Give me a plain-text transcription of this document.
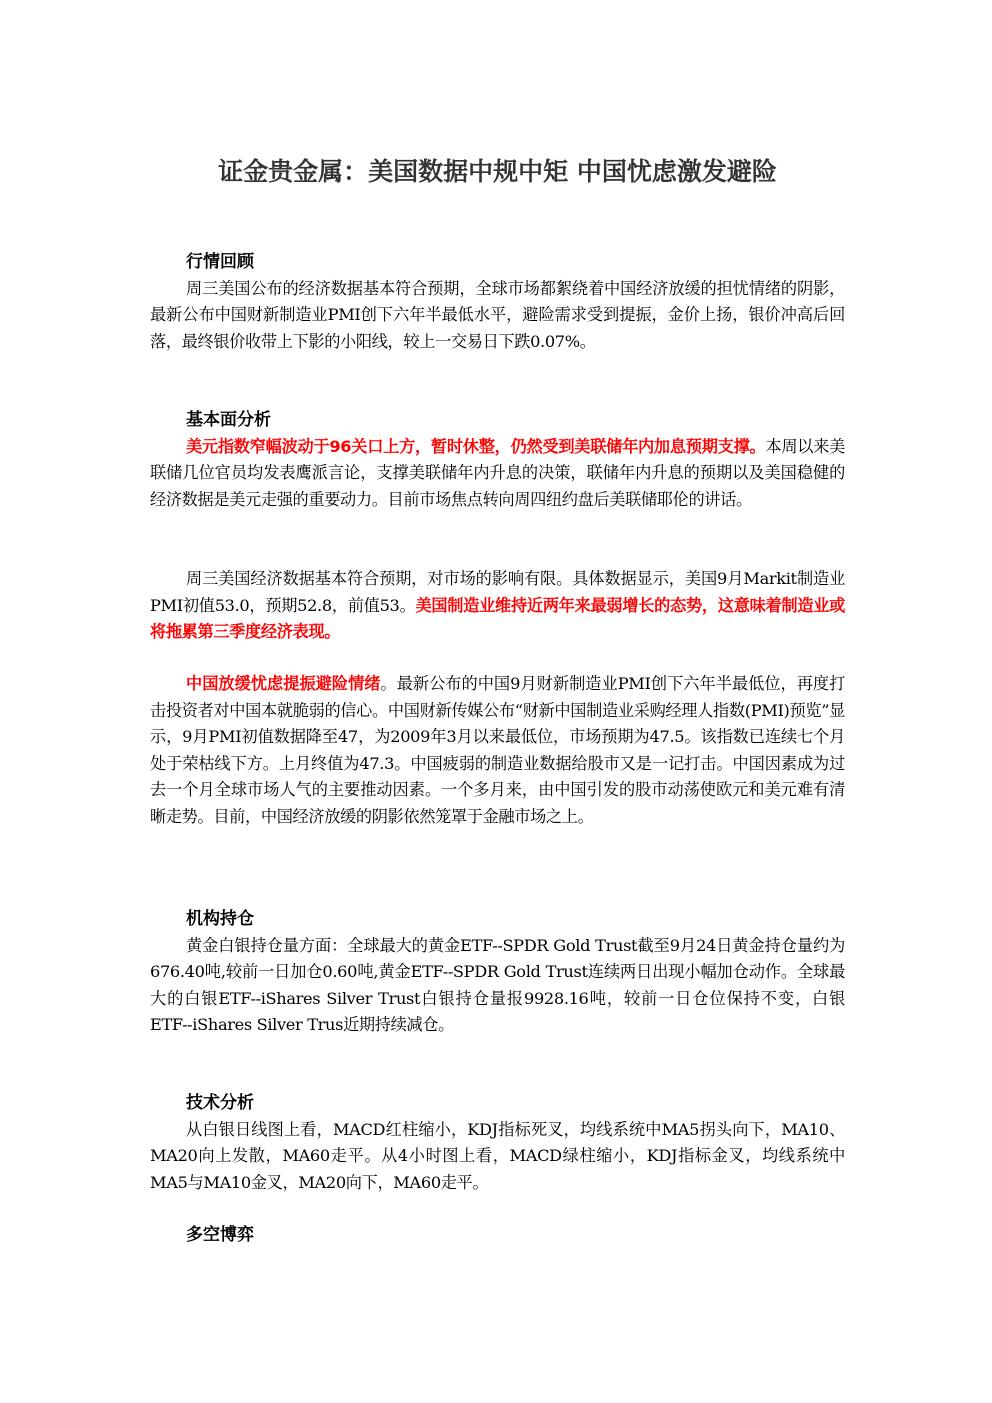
证金贵金属：美国数据中规中矩 中国忧虑激发避险

行情回顾

周三美国公布的经济数据基本符合预期，全球市场都絮绕着中国经济放缓的担忧情绪的阴影，最新公布中国财新制造业PMI创下六年半最低水平，避险需求受到提振，金价上扬，银价冲高后回落，最终银价收带上下影的小阳线，较上一交易日下跌0.07%。

基本面分析

美元指数窄幅波动于96关口上方，暂时休整，仍然受到美联储年内加息预期支撑。本周以来美联储几位官员均发表鹰派言论，支撑美联储年内升息的决策，联储年内升息的预期以及美国稳健的经济数据是美元走强的重要动力。目前市场焦点转向周四纽约盘后美联储耶伦的讲话。

周三美国经济数据基本符合预期，对市场的影响有限。具体数据显示，美国9月Markit制造业PMI初值53.0，预期52.8，前值53。美国制造业维持近两年来最弱增长的态势，这意味着制造业或将拖累第三季度经济表现。

中国放缓忧虑提振避险情绪。最新公布的中国9月财新制造业PMI创下六年半最低位，再度打击投资者对中国本就脆弱的信心。中国财新传媒公布“财新中国制造业采购经理人指数(PMI)预览”显示，9月PMI初值数据降至47，为2009年3月以来最低位，市场预期为47.5。该指数已连续七个月处于荣枯线下方。上月终值为47.3。中国疲弱的制造业数据给股市又是一记打击。中国因素成为过去一个月全球市场人气的主要推动因素。一个多月来，由中国引发的股市动荡使欧元和美元难有清晰走势。目前，中国经济放缓的阴影依然笼罩于金融市场之上。

机构持仓

黄金白银持仓量方面：全球最大的黄金ETF--SPDR Gold Trust截至9月24日黄金持仓量约为676.40吨,较前一日加仓0.60吨,黄金ETF--SPDR Gold Trust连续两日出现小幅加仓动作。全球最大的白银ETF--iShares Silver Trust白银持仓量报9928.16吨，较前一日仓位保持不变，白银ETF--iShares Silver Trus近期持续减仓。

技术分析

从白银日线图上看，MACD红柱缩小，KDJ指标死叉，均线系统中MA5拐头向下，MA10、MA20向上发散，MA60走平。从4小时图上看，MACD绿柱缩小，KDJ指标金叉，均线系统中MA5与MA10金叉，MA20向下，MA60走平。

多空博弈
